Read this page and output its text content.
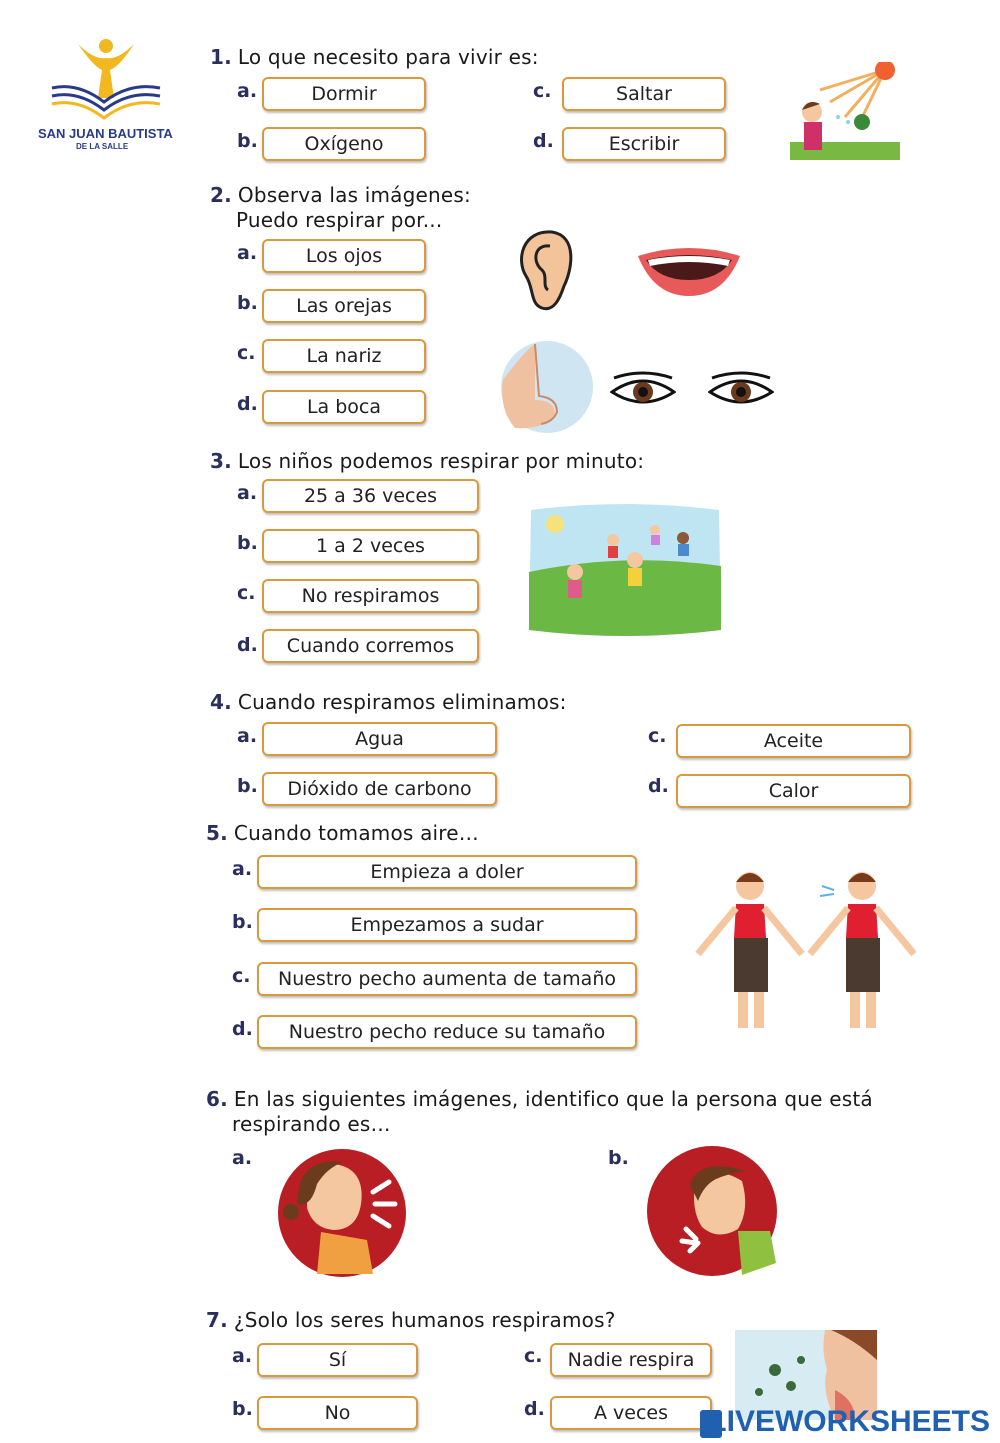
SAN JUAN BAUTISTA
DE LA SALLE
1. Lo que necesito para vivir es:
a.	Dormir
b.	Oxígeno
c.	Saltar
d.	Escribir
2. Observa las imágenes:
Puedo respirar por...
a.	Los ojos
b.	Las orejas
c.	La nariz
d.	La boca
3. Los niños podemos respirar por minuto:
a.	25 a 36 veces
b.	1 a 2 veces
c.	No respiramos
d.	Cuando corremos
4. Cuando respiramos eliminamos:
a.	Agua
b.	Dióxido de carbono
c.	Aceite
d.	Calor
5. Cuando tomamos aire…
a.	Empieza a doler
b.	Empezamos a sudar
c.	Nuestro pecho aumenta de tamaño
d.	Nuestro pecho reduce su tamaño
6. En las siguientes imágenes, identifico que la persona que está
respirando es…
a.	b.
7. ¿Solo los seres humanos respiramos?
a.	Sí
b.	No
c.	Nadie respira
d.	A veces	LIVEWORKSHEETS
